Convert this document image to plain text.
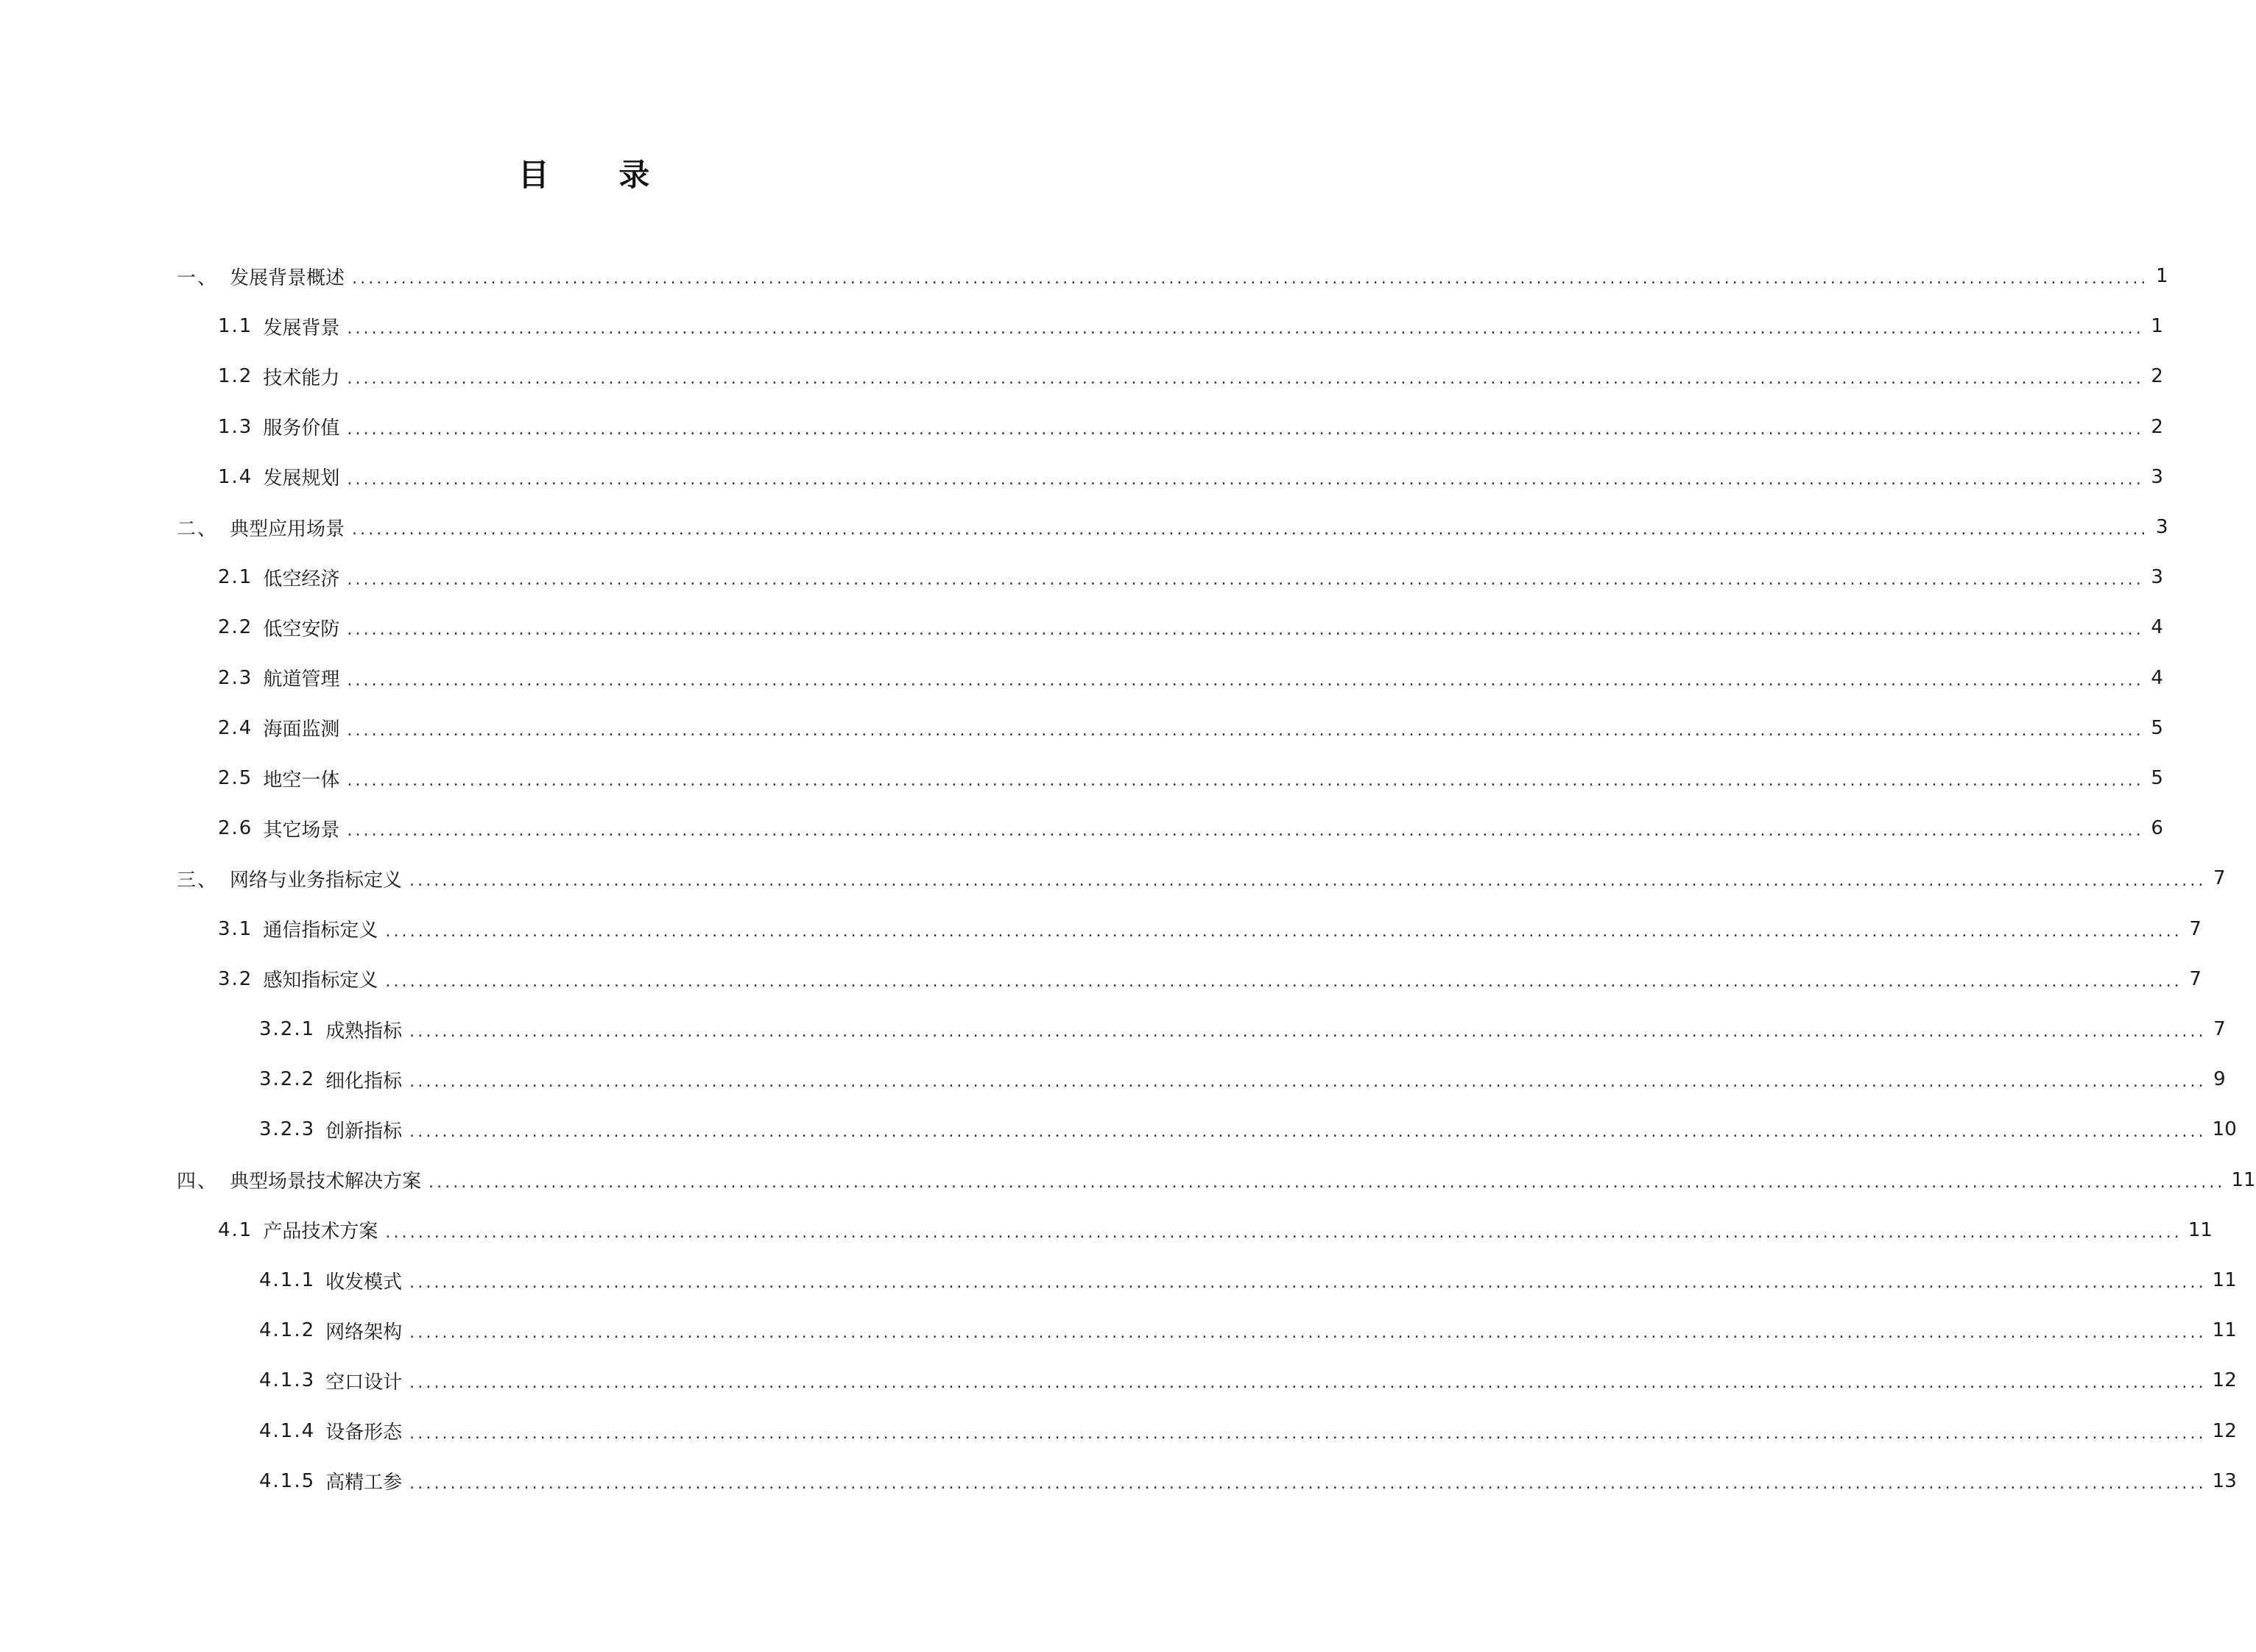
目 录
一、 发展背景概述 ............................................................................................................................................................................................................................ 1
1.1 发展背景 ............................................................................................................................................................................................................................ 1
1.2 技术能力 ............................................................................................................................................................................................................................ 2
1.3 服务价值 ............................................................................................................................................................................................................................ 2
1.4 发展规划 ............................................................................................................................................................................................................................ 3
二、 典型应用场景 ............................................................................................................................................................................................................................ 3
2.1 低空经济 ............................................................................................................................................................................................................................ 3
2.2 低空安防 ............................................................................................................................................................................................................................ 4
2.3 航道管理 ............................................................................................................................................................................................................................ 4
2.4 海面监测 ............................................................................................................................................................................................................................ 5
2.5 地空一体 ............................................................................................................................................................................................................................ 5
2.6 其它场景 ............................................................................................................................................................................................................................ 6
三、 网络与业务指标定义 ............................................................................................................................................................................................................................ 7
3.1 通信指标定义 ............................................................................................................................................................................................................................ 7
3.2 感知指标定义 ............................................................................................................................................................................................................................ 7
3.2.1 成熟指标 ............................................................................................................................................................................................................................ 7
3.2.2 细化指标 ............................................................................................................................................................................................................................ 9
3.2.3 创新指标 ............................................................................................................................................................................................................................ 10
四、 典型场景技术解决方案 ............................................................................................................................................................................................................................ 11
4.1 产品技术方案 ............................................................................................................................................................................................................................ 11
4.1.1 收发模式 ............................................................................................................................................................................................................................ 11
4.1.2 网络架构 ............................................................................................................................................................................................................................ 11
4.1.3 空口设计 ............................................................................................................................................................................................................................ 12
4.1.4 设备形态 ............................................................................................................................................................................................................................ 12
4.1.5 高精工参 ............................................................................................................................................................................................................................ 13
